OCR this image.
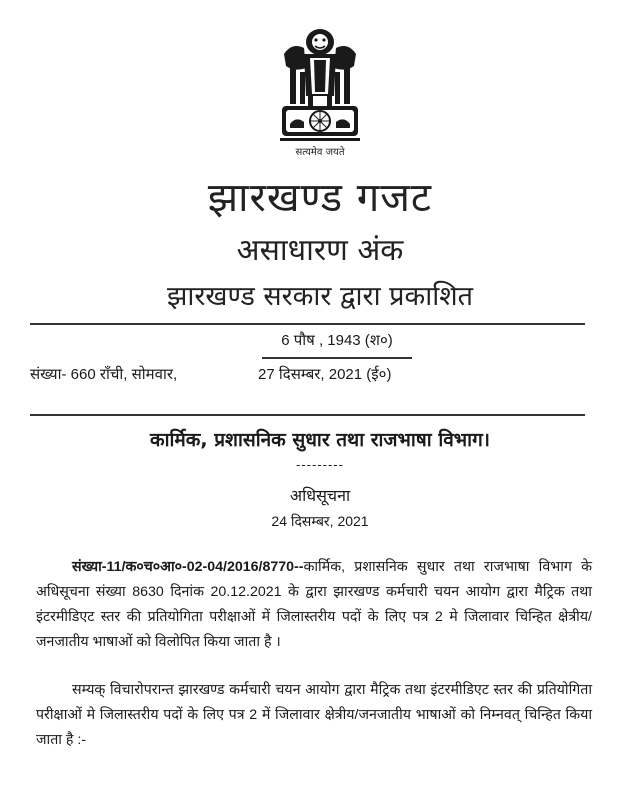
सत्यमेव जयते
झारखण्ड गजट
असाधारण अंक
झारखण्ड सरकार द्वारा प्रकाशित
6 पौष , 1943 (श०)
संख्या- 660 राँची, सोमवार,	27 दिसम्बर, 2021 (ई०)
कार्मिक, प्रशासनिक सुधार तथा राजभाषा विभाग।
---------
अधिसूचना
24 दिसम्बर, 2021
संख्या-11/क०च०आ०-02-04/2016/8770--कार्मिक, प्रशासनिक सुधार तथा राजभाषा विभाग के अधिसूचना संख्या 8630 दिनांक 20.12.2021 के द्वारा झारखण्ड कर्मचारी चयन आयोग द्वारा मैट्रिक तथा इंटरमीडिएट स्तर की प्रतियोगिता परीक्षाओं में जिलास्तरीय पदों के लिए पत्र 2 मे जिलावार चिन्हित क्षेत्रीय/जनजातीय भाषाओं को विलोपित किया जाता है ।
सम्यक् विचारोपरान्त झारखण्ड कर्मचारी चयन आयोग द्वारा मैट्रिक तथा इंटरमीडिएट स्तर की प्रतियोगिता परीक्षाओं मे जिलास्तरीय पदों के लिए पत्र 2 में जिलावार क्षेत्रीय/जनजातीय भाषाओं को निम्नवत् चिन्हित किया जाता है :-
